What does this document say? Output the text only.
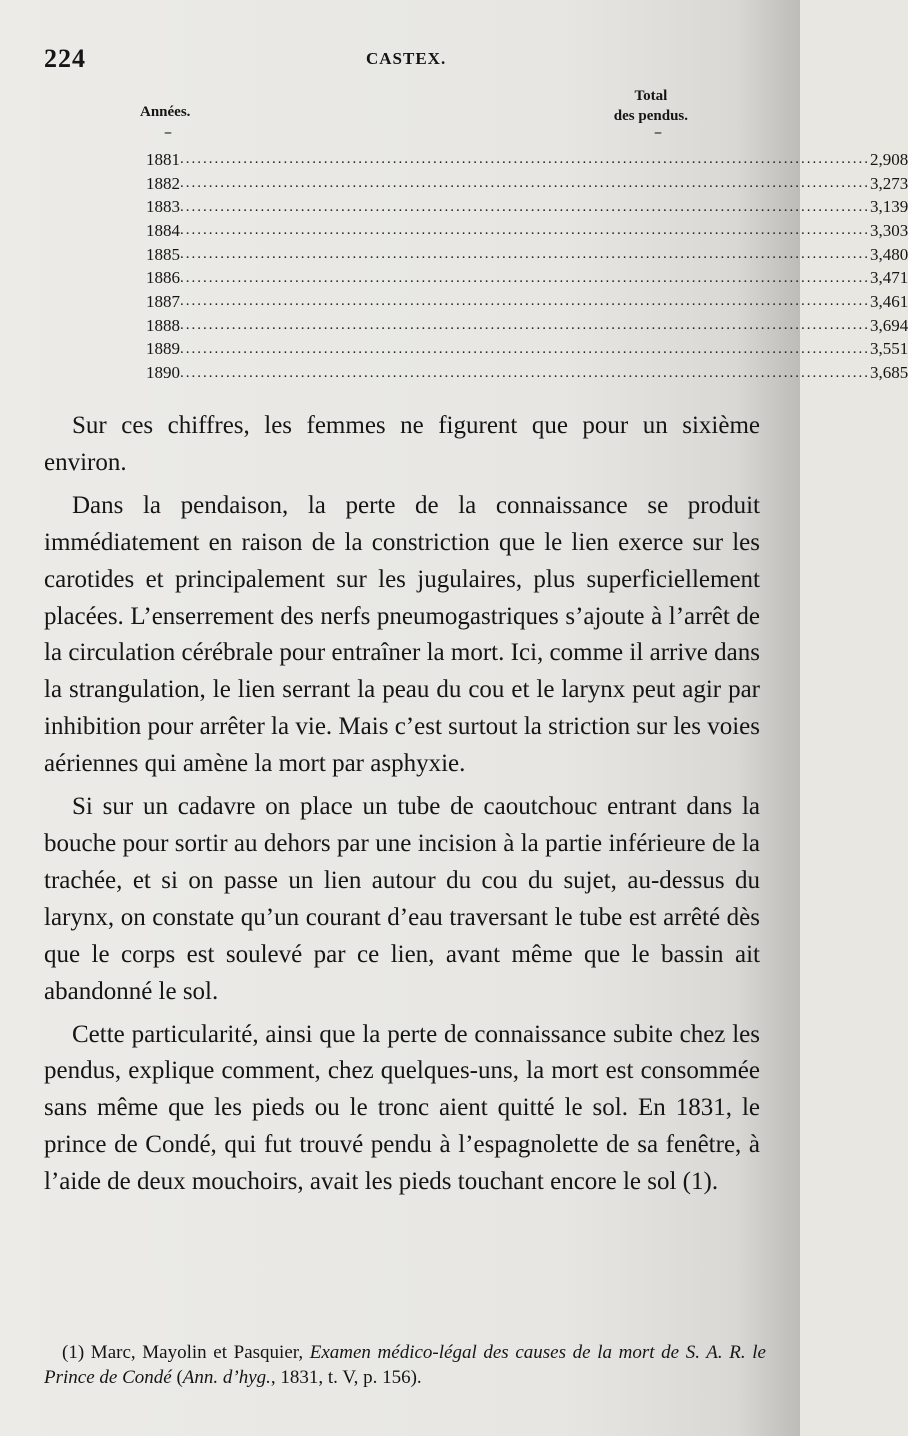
224	CASTEX.
Années.
Total
des pendus.
–	–
1881 ........................................................................................................................ 2,908
1882 ........................................................................................................................ 3,273
1883 ........................................................................................................................ 3,139
1884 ........................................................................................................................ 3,303
1885 ........................................................................................................................ 3,480
1886 ........................................................................................................................ 3,471
1887 ........................................................................................................................ 3,461
1888 ........................................................................................................................ 3,694
1889 ........................................................................................................................ 3,551
1890 ........................................................................................................................ 3,685

Sur ces chiffres, les femmes ne figurent que pour un sixième environ.

Dans la pendaison, la perte de la connaissance se produit immédiatement en raison de la constriction que le lien exerce sur les carotides et principalement sur les jugulaires, plus superficiellement placées. L’enserrement des nerfs pneumogastriques s’ajoute à l’arrêt de la circulation cérébrale pour entraîner la mort. Ici, comme il arrive dans la strangulation, le lien serrant la peau du cou et le larynx peut agir par inhibition pour arrêter la vie. Mais c’est surtout la striction sur les voies aériennes qui amène la mort par asphyxie.

Si sur un cadavre on place un tube de caoutchouc entrant dans la bouche pour sortir au dehors par une incision à la partie inférieure de la trachée, et si on passe un lien autour du cou du sujet, au-dessus du larynx, on constate qu’un courant d’eau traversant le tube est arrêté dès que le corps est soulevé par ce lien, avant même que le bassin ait abandonné le sol.

Cette particularité, ainsi que la perte de connaissance subite chez les pendus, explique comment, chez quelques-uns, la mort est consommée sans même que les pieds ou le tronc aient quitté le sol. En 1831, le prince de Condé, qui fut trouvé pendu à l’espagnolette de sa fenêtre, à l’aide de deux mouchoirs, avait les pieds touchant encore le sol (1).

(1) Marc, Mayolin et Pasquier, Examen médico-légal des causes de la mort de S. A. R. le Prince de Condé (Ann. d’hyg., 1831, t. V, p. 156).
